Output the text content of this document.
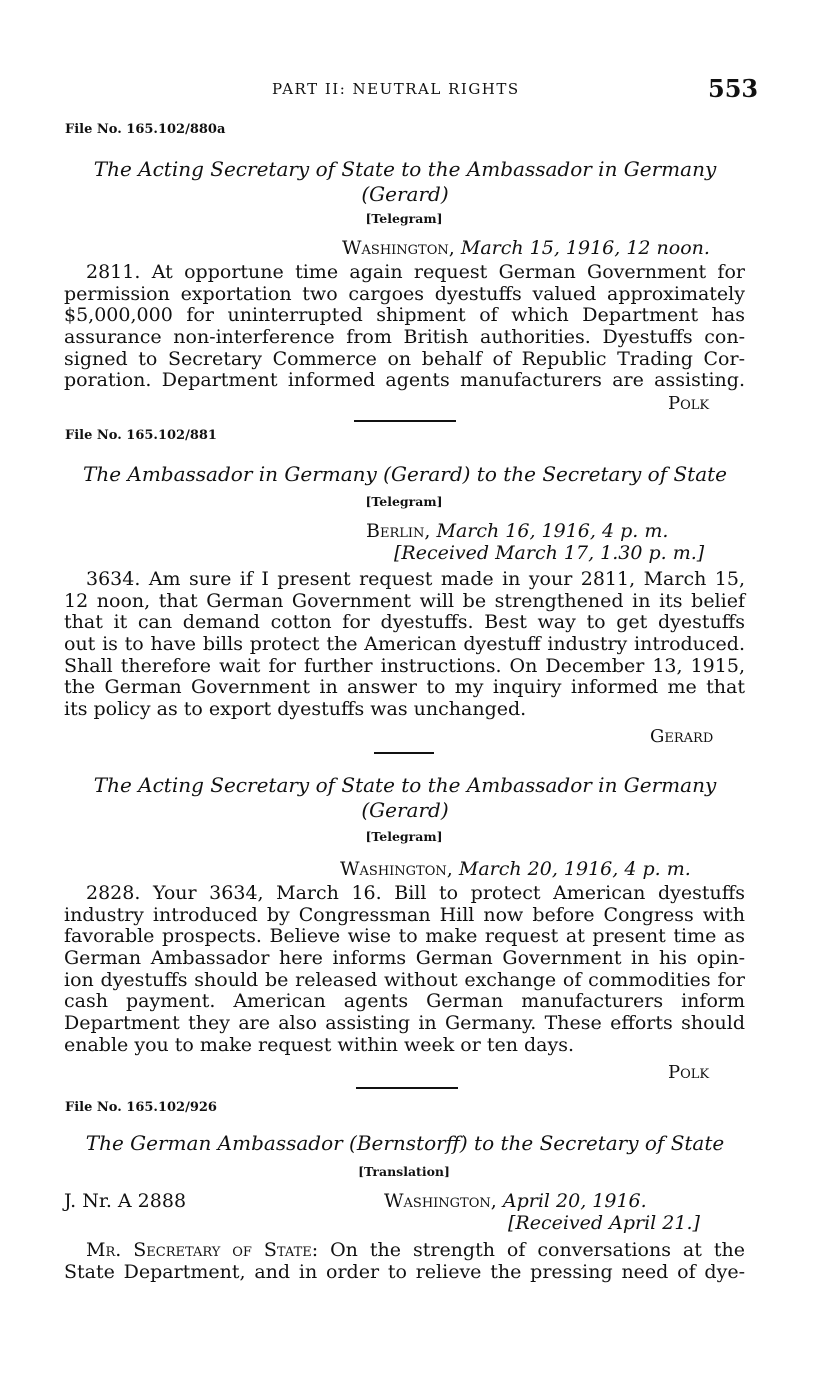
PART II: NEUTRAL RIGHTS	553
File No. 165.102/880a
The Acting Secretary of State to the Ambassador in Germany
(Gerard)
[Telegram]
Washington, March 15, 1916, 12 noon.
2811. At opportune time again request German Government for
permission exportation two cargoes dyestuffs valued approximately
$5,000,000 for uninterrupted shipment of which Department has
assurance non-interference from British authorities. Dyestuffs con-
signed to Secretary Commerce on behalf of Republic Trading Cor-
poration. Department informed agents manufacturers are assisting.
Polk
File No. 165.102/881
The Ambassador in Germany (Gerard) to the Secretary of State
[Telegram]
Berlin, March 16, 1916, 4 p. m.
[Received March 17, 1.30 p. m.]
3634. Am sure if I present request made in your 2811, March 15,
12 noon, that German Government will be strengthened in its belief
that it can demand cotton for dyestuffs. Best way to get dyestuffs
out is to have bills protect the American dyestuff industry introduced.
Shall therefore wait for further instructions. On December 13, 1915,
the German Government in answer to my inquiry informed me that
its policy as to export dyestuffs was unchanged.
Gerard
The Acting Secretary of State to the Ambassador in Germany
(Gerard)
[Telegram]
Washington, March 20, 1916, 4 p. m.
2828. Your 3634, March 16. Bill to protect American dyestuffs
industry introduced by Congressman Hill now before Congress with
favorable prospects. Believe wise to make request at present time as
German Ambassador here informs German Government in his opin-
ion dyestuffs should be released without exchange of commodities for
cash payment. American agents German manufacturers inform
Department they are also assisting in Germany. These efforts should
enable you to make request within week or ten days.
Polk
File No. 165.102/926
The German Ambassador (Bernstorff) to the Secretary of State
[Translation]
J. Nr. A 2888	Washington, April 20, 1916.
[Received April 21.]
Mr. Secretary of State: On the strength of conversations at the
State Department, and in order to relieve the pressing need of dye-
